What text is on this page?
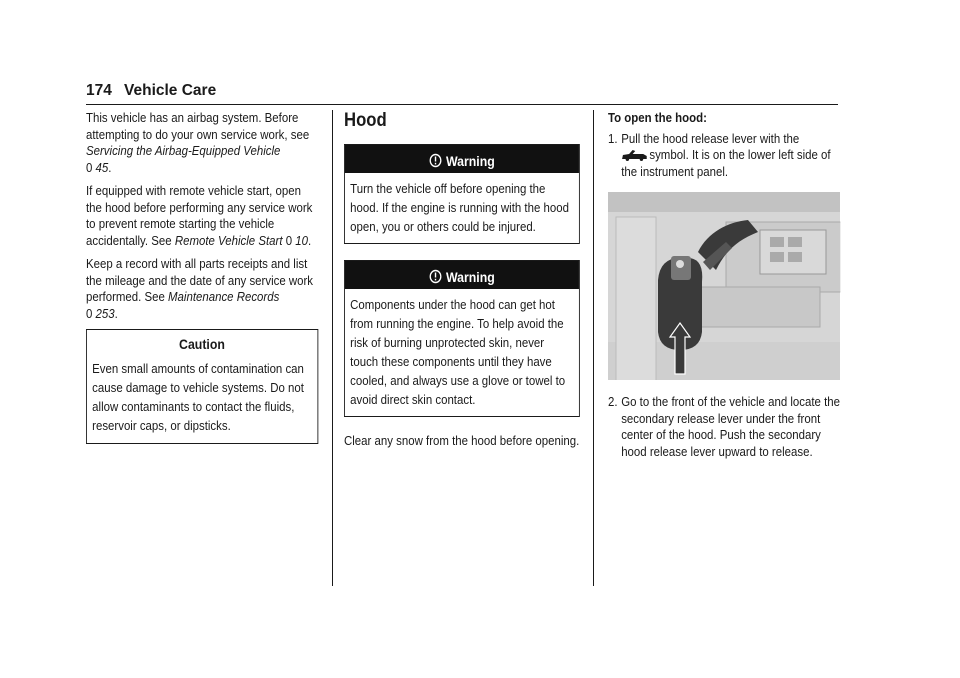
174 Vehicle Care

This vehicle has an airbag system. Before attempting to do your own service work, see Servicing the Airbag-Equipped Vehicle
0 45.

If equipped with remote vehicle start, open the hood before performing any service work to prevent remote starting the vehicle accidentally. See Remote Vehicle Start 0 10.

Keep a record with all parts receipts and list the mileage and the date of any service work performed. See Maintenance Records
0 253.

Caution
Even small amounts of contamination can cause damage to vehicle systems. Do not allow contaminants to contact the fluids, reservoir caps, or dipsticks.
Hood
Warning
Turn the vehicle off before opening the hood. If the engine is running with the hood open, you or others could be injured.
Warning
Components under the hood can get hot from running the engine. To help avoid the risk of burning unprotected skin, never touch these components until they have cooled, and always use a glove or towel to avoid direct skin contact.

Clear any snow from the hood before opening.

To open the hood:

1. Pull the hood release lever with the
symbol. It is on the lower left side of the instrument panel.
2. Go to the front of the vehicle and locate the secondary release lever under the front center of the hood. Push the secondary hood release lever upward to release.
